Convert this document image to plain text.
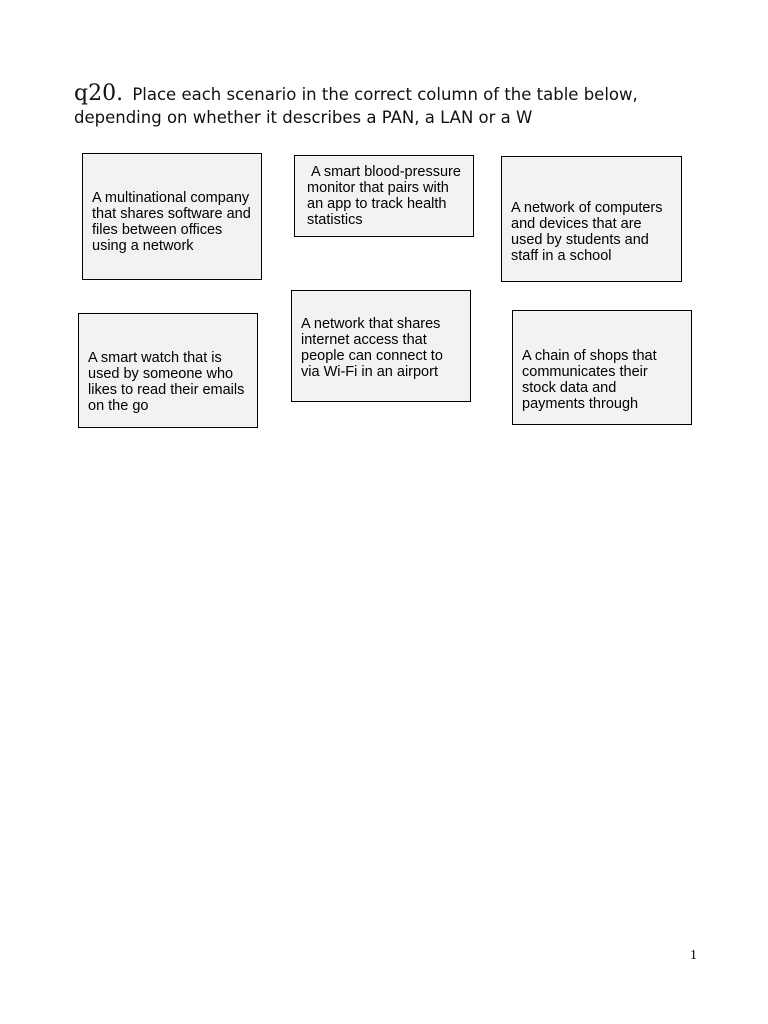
q20. Place each scenario in the correct column of the table below, depending on whether it describes a PAN, a LAN or a W
A multinational company that shares software and files between offices using a network
A smart blood-pressure monitor that pairs with an app to track health statistics
A network of computers and devices that are used by students and staff in a school
A smart watch that is used by someone who likes to read their emails on the go
A network that shares internet access that people can connect to via Wi-Fi in an airport
A chain of shops that communicates their stock data and payments through
1
